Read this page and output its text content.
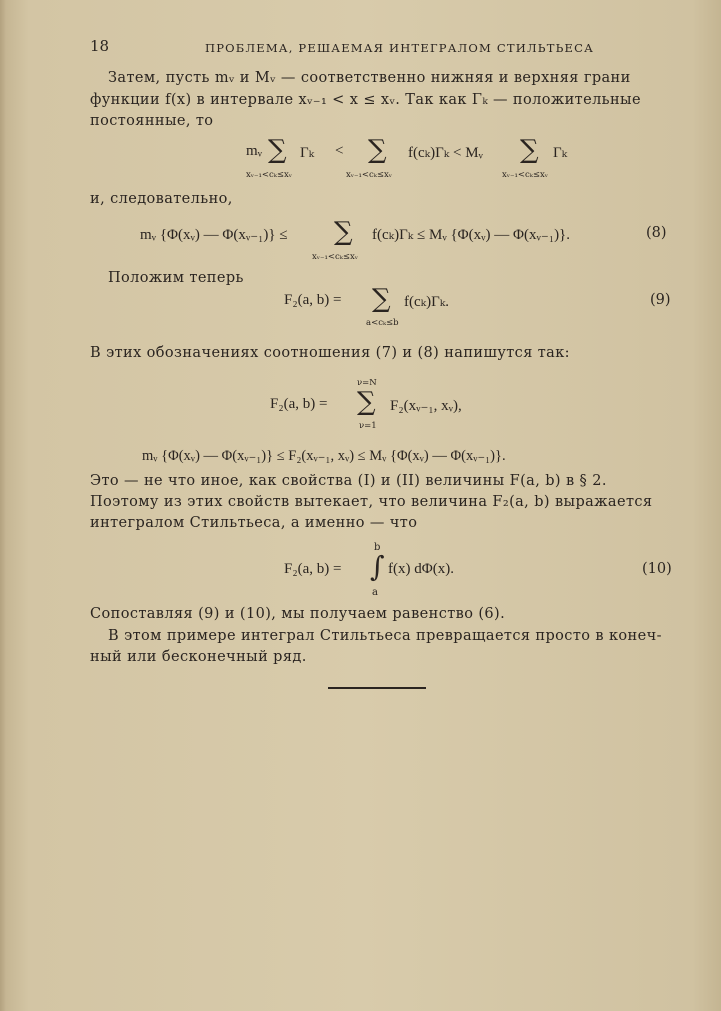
18	ПРОБЛЕМА, РЕШАЕМАЯ ИНТЕГРАЛОМ СТИЛЬТЬЕСА
Затем, пусть mᵥ и Mᵥ — соответственно нижняя и верхняя грани
функции f(x) в интервале xᵥ₋₁ < x ≤ xᵥ. Так как Γₖ — положительные
постоянные, то
mᵥ ∑ Γₖ < ∑ f(cₖ)Γₖ < Mᵥ ∑ Γₖ
xᵥ₋₁<cₖ≤xᵥ	xᵥ₋₁<cₖ≤xᵥ	xᵥ₋₁<cₖ≤xᵥ
и, следовательно,
mᵥ {Φ(xᵥ) — Φ(xᵥ₋₁)} ≤ ∑ f(cₖ)Γₖ ≤ Mᵥ {Φ(xᵥ) — Φ(xᵥ₋₁)}.	(8)
xᵥ₋₁<cₖ≤xᵥ
Положим теперь
F₂(a, b) = ∑ f(cₖ)Γₖ.	(9)
a<cₖ≤b
В этих обозначениях соотношения (7) и (8) напишутся так:
ν=N
F₂(a, b) = ∑ F₂(xᵥ₋₁, xᵥ),
ν=1
mᵥ {Φ(xᵥ) — Φ(xᵥ₋₁)} ≤ F₂(xᵥ₋₁, xᵥ) ≤ Mᵥ {Φ(xᵥ) — Φ(xᵥ₋₁)}.
Это — не что иное, как свойства (I) и (II) величины F(a, b) в § 2.
Поэтому из этих свойств вытекает, что величина F₂(a, b) выражается
интегралом Стильтьеса, а именно — что
b
F₂(a, b) = ∫ f(x) dΦ(x).	(10)
a
Сопоставляя (9) и (10), мы получаем равенство (6).
В этом примере интеграл Стильтьеса превращается просто в конеч-
ный или бесконечный ряд.
